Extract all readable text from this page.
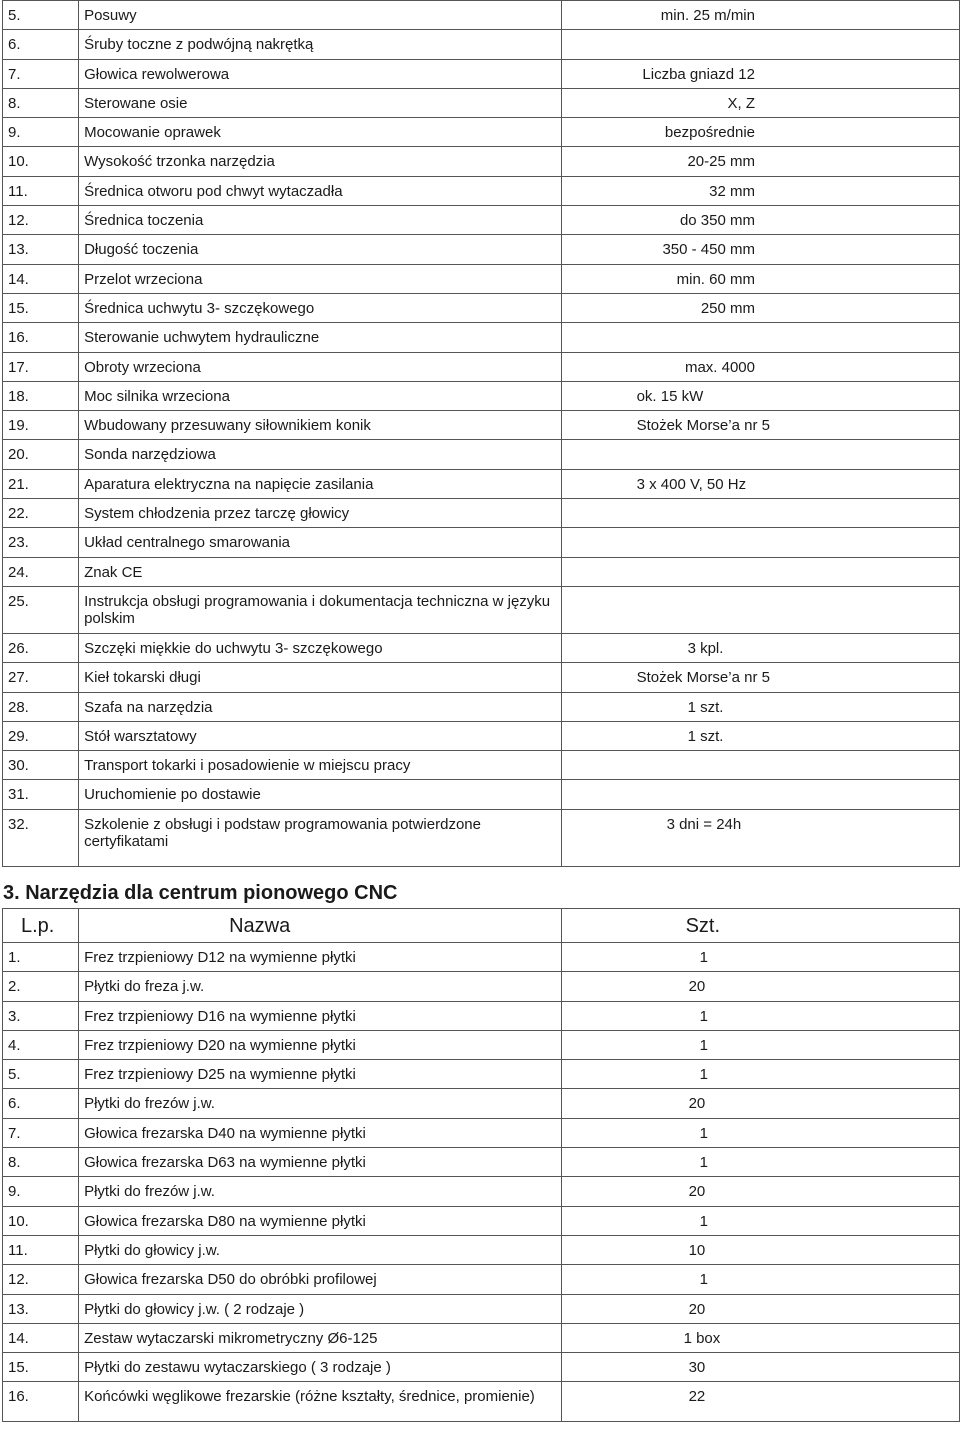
5.	Posuwy	min. 25 m/min
6.	Śruby toczne z podwójną nakrętką	
7.	Głowica rewolwerowa	Liczba gniazd 12
8.	Sterowane osie	X, Z
9.	Mocowanie oprawek	bezpośrednie
10.	Wysokość trzonka narzędzia	20-25 mm
11.	Średnica otworu pod chwyt wytaczadła	32 mm
12.	Średnica toczenia	do 350 mm
13.	Długość toczenia	350 - 450 mm
14.	Przelot wrzeciona	min. 60 mm
15.	Średnica uchwytu 3- szczękowego	250 mm
16.	Sterowanie uchwytem hydrauliczne	
17.	Obroty wrzeciona	max. 4000
18.	Moc silnika wrzeciona	ok. 15 kW
19.	Wbudowany przesuwany siłownikiem konik	Stożek Morse’a nr 5
20.	Sonda narzędziowa	
21.	Aparatura elektryczna na napięcie zasilania	3 x 400 V, 50 Hz
22.	System chłodzenia przez tarczę głowicy	
23.	Układ centralnego smarowania	
24.	Znak CE	
25.	Instrukcja obsługi programowania i dokumentacja techniczna w języku polskim	
26.	Szczęki miękkie do uchwytu 3- szczękowego	3 kpl.
27.	Kieł tokarski długi	Stożek Morse’a nr 5
28.	Szafa na narzędzia	1 szt.
29.	Stół warsztatowy	1 szt.
30.	Transport tokarki i posadowienie w miejscu pracy	
31.	Uruchomienie po dostawie	
32.	Szkolenie z obsługi i podstaw programowania potwierdzone certyfikatami	3 dni = 24h
3. Narzędzia dla centrum pionowego CNC
L.p.	Nazwa	Szt.
1.	Frez trzpieniowy D12 na wymienne płytki	1
2.	Płytki do freza j.w.	20
3.	Frez trzpieniowy D16 na wymienne płytki	1
4.	Frez trzpieniowy D20 na wymienne płytki	1
5.	Frez trzpieniowy D25 na wymienne płytki	1
6.	Płytki do frezów j.w.	20
7.	Głowica frezarska D40 na wymienne płytki	1
8.	Głowica frezarska D63 na wymienne płytki	1
9.	Płytki do frezów j.w.	20
10.	Głowica frezarska D80 na wymienne płytki	1
11.	Płytki do głowicy j.w.	10
12.	Głowica frezarska D50 do obróbki profilowej	1
13.	Płytki do głowicy j.w. ( 2 rodzaje )	20
14.	Zestaw wytaczarski mikrometryczny Ø6-125	1 box
15.	Płytki do zestawu wytaczarskiego ( 3 rodzaje )	30
16.	Końcówki węglikowe frezarskie (różne kształty, średnice, promienie)	22
